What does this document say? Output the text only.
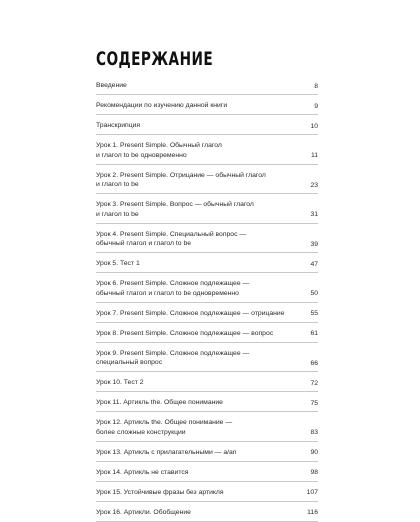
СОДЕРЖАНИЕ
Введение	8
Рекомендации по изучению данной книги	9
Транскрипция	10
Урок 1. Present Simple. Обычный глагол
и глагол to be одновременно	11
Урок 2. Present Simple. Отрицание — обычный глагол
и глагол to be	23
Урок 3. Present Simple. Вопрос — обычный глагол
и глагол to be	31
Урок 4. Present Simple. Специальный вопрос —
обычный глагол и глагол to be	39
Урок 5. Тест 1	47
Урок 6. Present Simple. Сложное подлежащее —
обычный глагол и глагол to be одновременно	50
Урок 7. Present Simple. Сложное подлежащее — отрицание	55
Урок 8. Present Simple. Сложное подлежащее — вопрос	61
Урок 9. Present Simple. Сложное подлежащее —
специальный вопрос	66
Урок 10. Тест 2	72
Урок 11. Артикль the. Общее понимание	75
Урок 12. Артикль the. Общее понимание —
более сложные конструкции	83
Урок 13. Артикль с прилагательными — a/an	90
Урок 14. Артикль не ставится	98
Урок 15. Устойчивые фразы без артикля	107
Урок 16. Артикли. Обобщение	116
